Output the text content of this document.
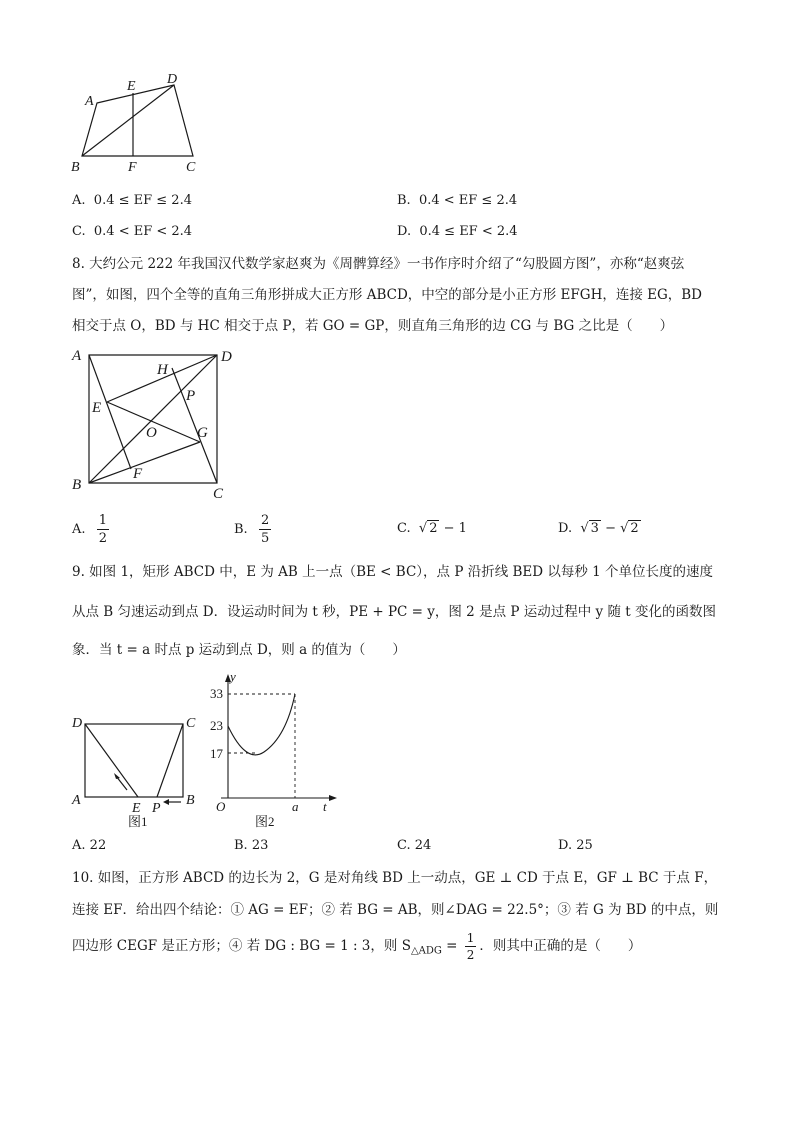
A
E D
B	F	C
A. 0.4 ≤ EF ≤ 2.4	B. 0.4 < EF ≤ 2.4
C. 0.4 < EF < 2.4	D. 0.4 ≤ EF < 2.4
8. 大约公元 222 年我国汉代数学家赵爽为《周髀算经》一书作序时介绍了“勾股圆方图”，亦称“赵爽弦
图”，如图，四个全等的直角三角形拼成大正方形 ABCD，中空的部分是小正方形 EFGH，连接 EG，BD
相交于点 O，BD 与 HC 相交于点 P，若 GO = GP，则直角三角形的边 CG 与 BG 之比是（　　）
A	D
B
C
H
E
P
O	G
F
A. $\frac{1}{2}$	B. $\frac{2}{5}$	C. √ 2 − 1	D. √ 3 − √ 2
9. 如图 1，矩形 ABCD 中，E 为 AB 上一点（BE < BC），点 P 沿折线 BED 以每秒 1 个单位长度的速度
从点 B 匀速运动到点 D．设运动时间为 t 秒，PE + PC = y，图 2 是点 P 运动过程中 y 随 t 变化的函数图
象．当 t = a 时点 p 运动到点 D，则 a 的值为（　　）
D	C
A	B
E P
图1
y
33
23
17
O	a t
图2
A. 22	B. 23	C. 24	D. 25
10. 如图，正方形 ABCD 的边长为 2，G 是对角线 BD 上一动点，GE ⊥ CD 于点 E，GF ⊥ BC 于点 F，
连接 EF．给出四个结论：① AG = EF；② 若 BG = AB，则∠DAG = 22.5°；③ 若 G 为 BD 的中点，则
四边形 CEGF 是正方形；④ 若 DG : BG = 1 : 3，则 $S_{\triangle ADG} = \frac{1}{2}$ ．则其中正确的是（　　）
